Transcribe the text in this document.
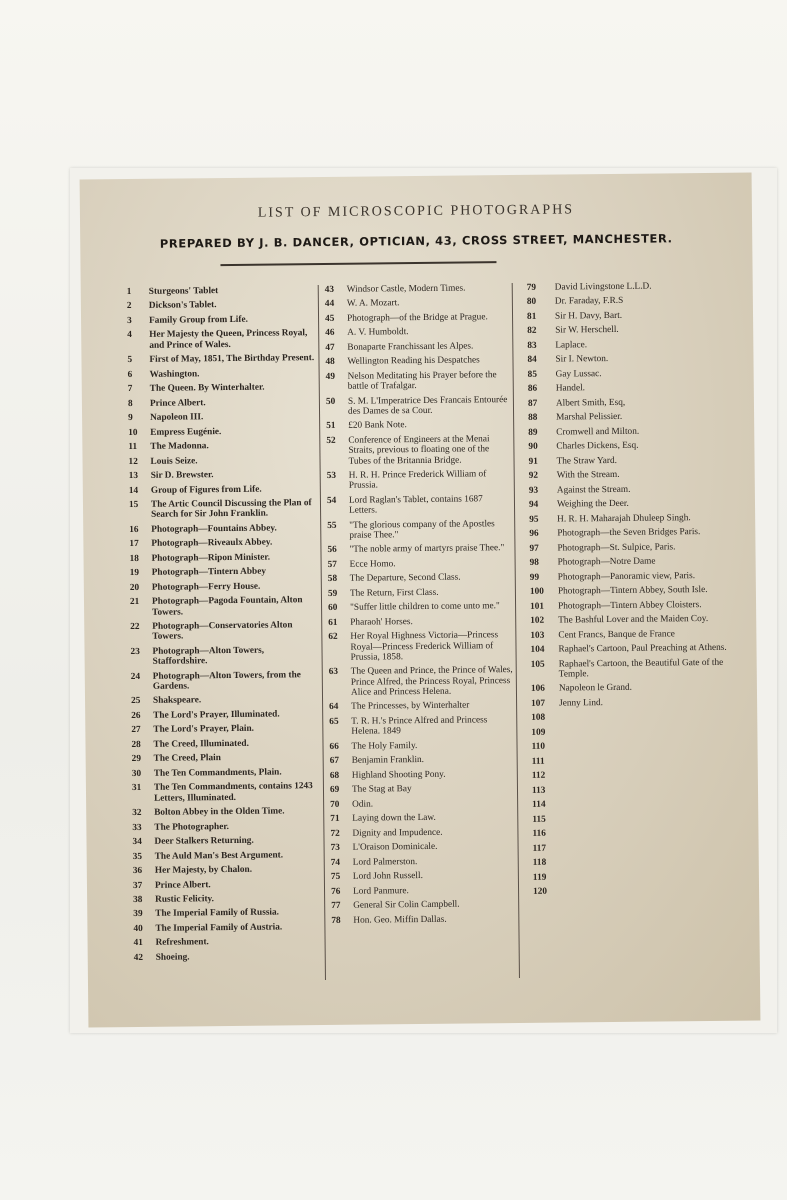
LIST OF MICROSCOPIC PHOTOGRAPHS
PREPARED BY J. B. DANCER, OPTICIAN, 43, CROSS STREET, MANCHESTER.
1	Sturgeons' Tablet
2	Dickson's Tablet.
3	Family Group from Life.
4	Her Majesty the Queen, Princess Royal, and Prince of Wales.
5	First of May, 1851, The Birthday Present.
6	Washington.
7	The Queen. By Winterhalter.
8	Prince Albert.
9	Napoleon III.
10	Empress Eugénie.
11	The Madonna.
12	Louis Seize.
13	Sir D. Brewster.
14	Group of Figures from Life.
15	The Artic Council Discussing the Plan of Search for Sir John Franklin.
16	Photograph—Fountains Abbey.
17	Photograph—Riveaulx Abbey.
18	Photograph—Ripon Minister.
19	Photograph—Tintern Abbey
20	Photograph—Ferry House.
21	Photograph—Pagoda Fountain, Alton Towers.
22	Photograph—Conservatories Alton Towers.
23	Photograph—Alton Towers, Staffordshire.
24	Photograph—Alton Towers, from the Gardens.
25	Shakspeare.
26	The Lord's Prayer, Illuminated.
27	The Lord's Prayer, Plain.
28	The Creed, Illuminated.
29	The Creed, Plain
30	The Ten Commandments, Plain.
31	The Ten Commandments, contains 1243 Letters, Illuminated.
32	Bolton Abbey in the Olden Time.
33	The Photographer.
34	Deer Stalkers Returning.
35	The Auld Man's Best Argument.
36	Her Majesty, by Chalon.
37	Prince Albert.
38	Rustic Felicity.
39	The Imperial Family of Russia.
40	The Imperial Family of Austria.
41	Refreshment.
42	Shoeing.
43	Windsor Castle, Modern Times.
44	W. A. Mozart.
45	Photograph—of the Bridge at Prague.
46	A. V. Humboldt.
47	Bonaparte Franchissant les Alpes.
48	Wellington Reading his Despatches
49	Nelson Meditating his Prayer before the battle of Trafalgar.
50	S. M. L'Imperatrice Des Francais Entourée des Dames de sa Cour.
51	£20 Bank Note.
52	Conference of Engineers at the Menai Straits, previous to floating one of the Tubes of the Britannia Bridge.
53	H. R. H. Prince Frederick William of Prussia.
54	Lord Raglan's Tablet, contains 1687 Letters.
55	"The glorious company of the Apostles praise Thee."
56	"The noble army of martyrs praise Thee."
57	Ecce Homo.
58	The Departure, Second Class.
59	The Return, First Class.
60	"Suffer little children to come unto me."
61	Pharaoh' Horses.
62	Her Royal Highness Victoria—Princess Royal—Princess Frederick William of Prussia, 1858.
63	The Queen and Prince, the Prince of Wales, Prince Alfred, the Princess Royal, Princess Alice and Princess Helena.
64	The Princesses, by Winterhalter
65	T. R. H.'s Prince Alfred and Princess Helena. 1849
66	The Holy Family.
67	Benjamin Franklin.
68	Highland Shooting Pony.
69	The Stag at Bay
70	Odin.
71	Laying down the Law.
72	Dignity and Impudence.
73	L'Oraison Dominicale.
74	Lord Palmerston.
75	Lord John Russell.
76	Lord Panmure.
77	General Sir Colin Campbell.
78	Hon. Geo. Miffin Dallas.
79	David Livingstone L.L.D.
80	Dr. Faraday, F.R.S
81	Sir H. Davy, Bart.
82	Sir W. Herschell.
83	Laplace.
84	Sir I. Newton.
85	Gay Lussac.
86	Handel.
87	Albert Smith, Esq,
88	Marshal Pelissier.
89	Cromwell and Milton.
90	Charles Dickens, Esq.
91	The Straw Yard.
92	With the Stream.
93	Against the Stream.
94	Weighing the Deer.
95	H. R. H. Maharajah Dhuleep Singh.
96	Photograph—the Seven Bridges Paris.
97	Photograph—St. Sulpice, Paris.
98	Photograph—Notre Dame
99	Photograph—Panoramic view, Paris.
100	Photograph—Tintern Abbey, South Isle.
101	Photograph—Tintern Abbey Cloisters.
102	The Bashful Lover and the Maiden Coy.
103	Cent Francs, Banque de France
104	Raphael's Cartoon, Paul Preaching at Athens.
105	Raphael's Cartoon, the Beautiful Gate of the Temple.
106	Napoleon le Grand.
107	Jenny Lind.
108
109
110
111
112
113
114
115
116
117
118
119
120
